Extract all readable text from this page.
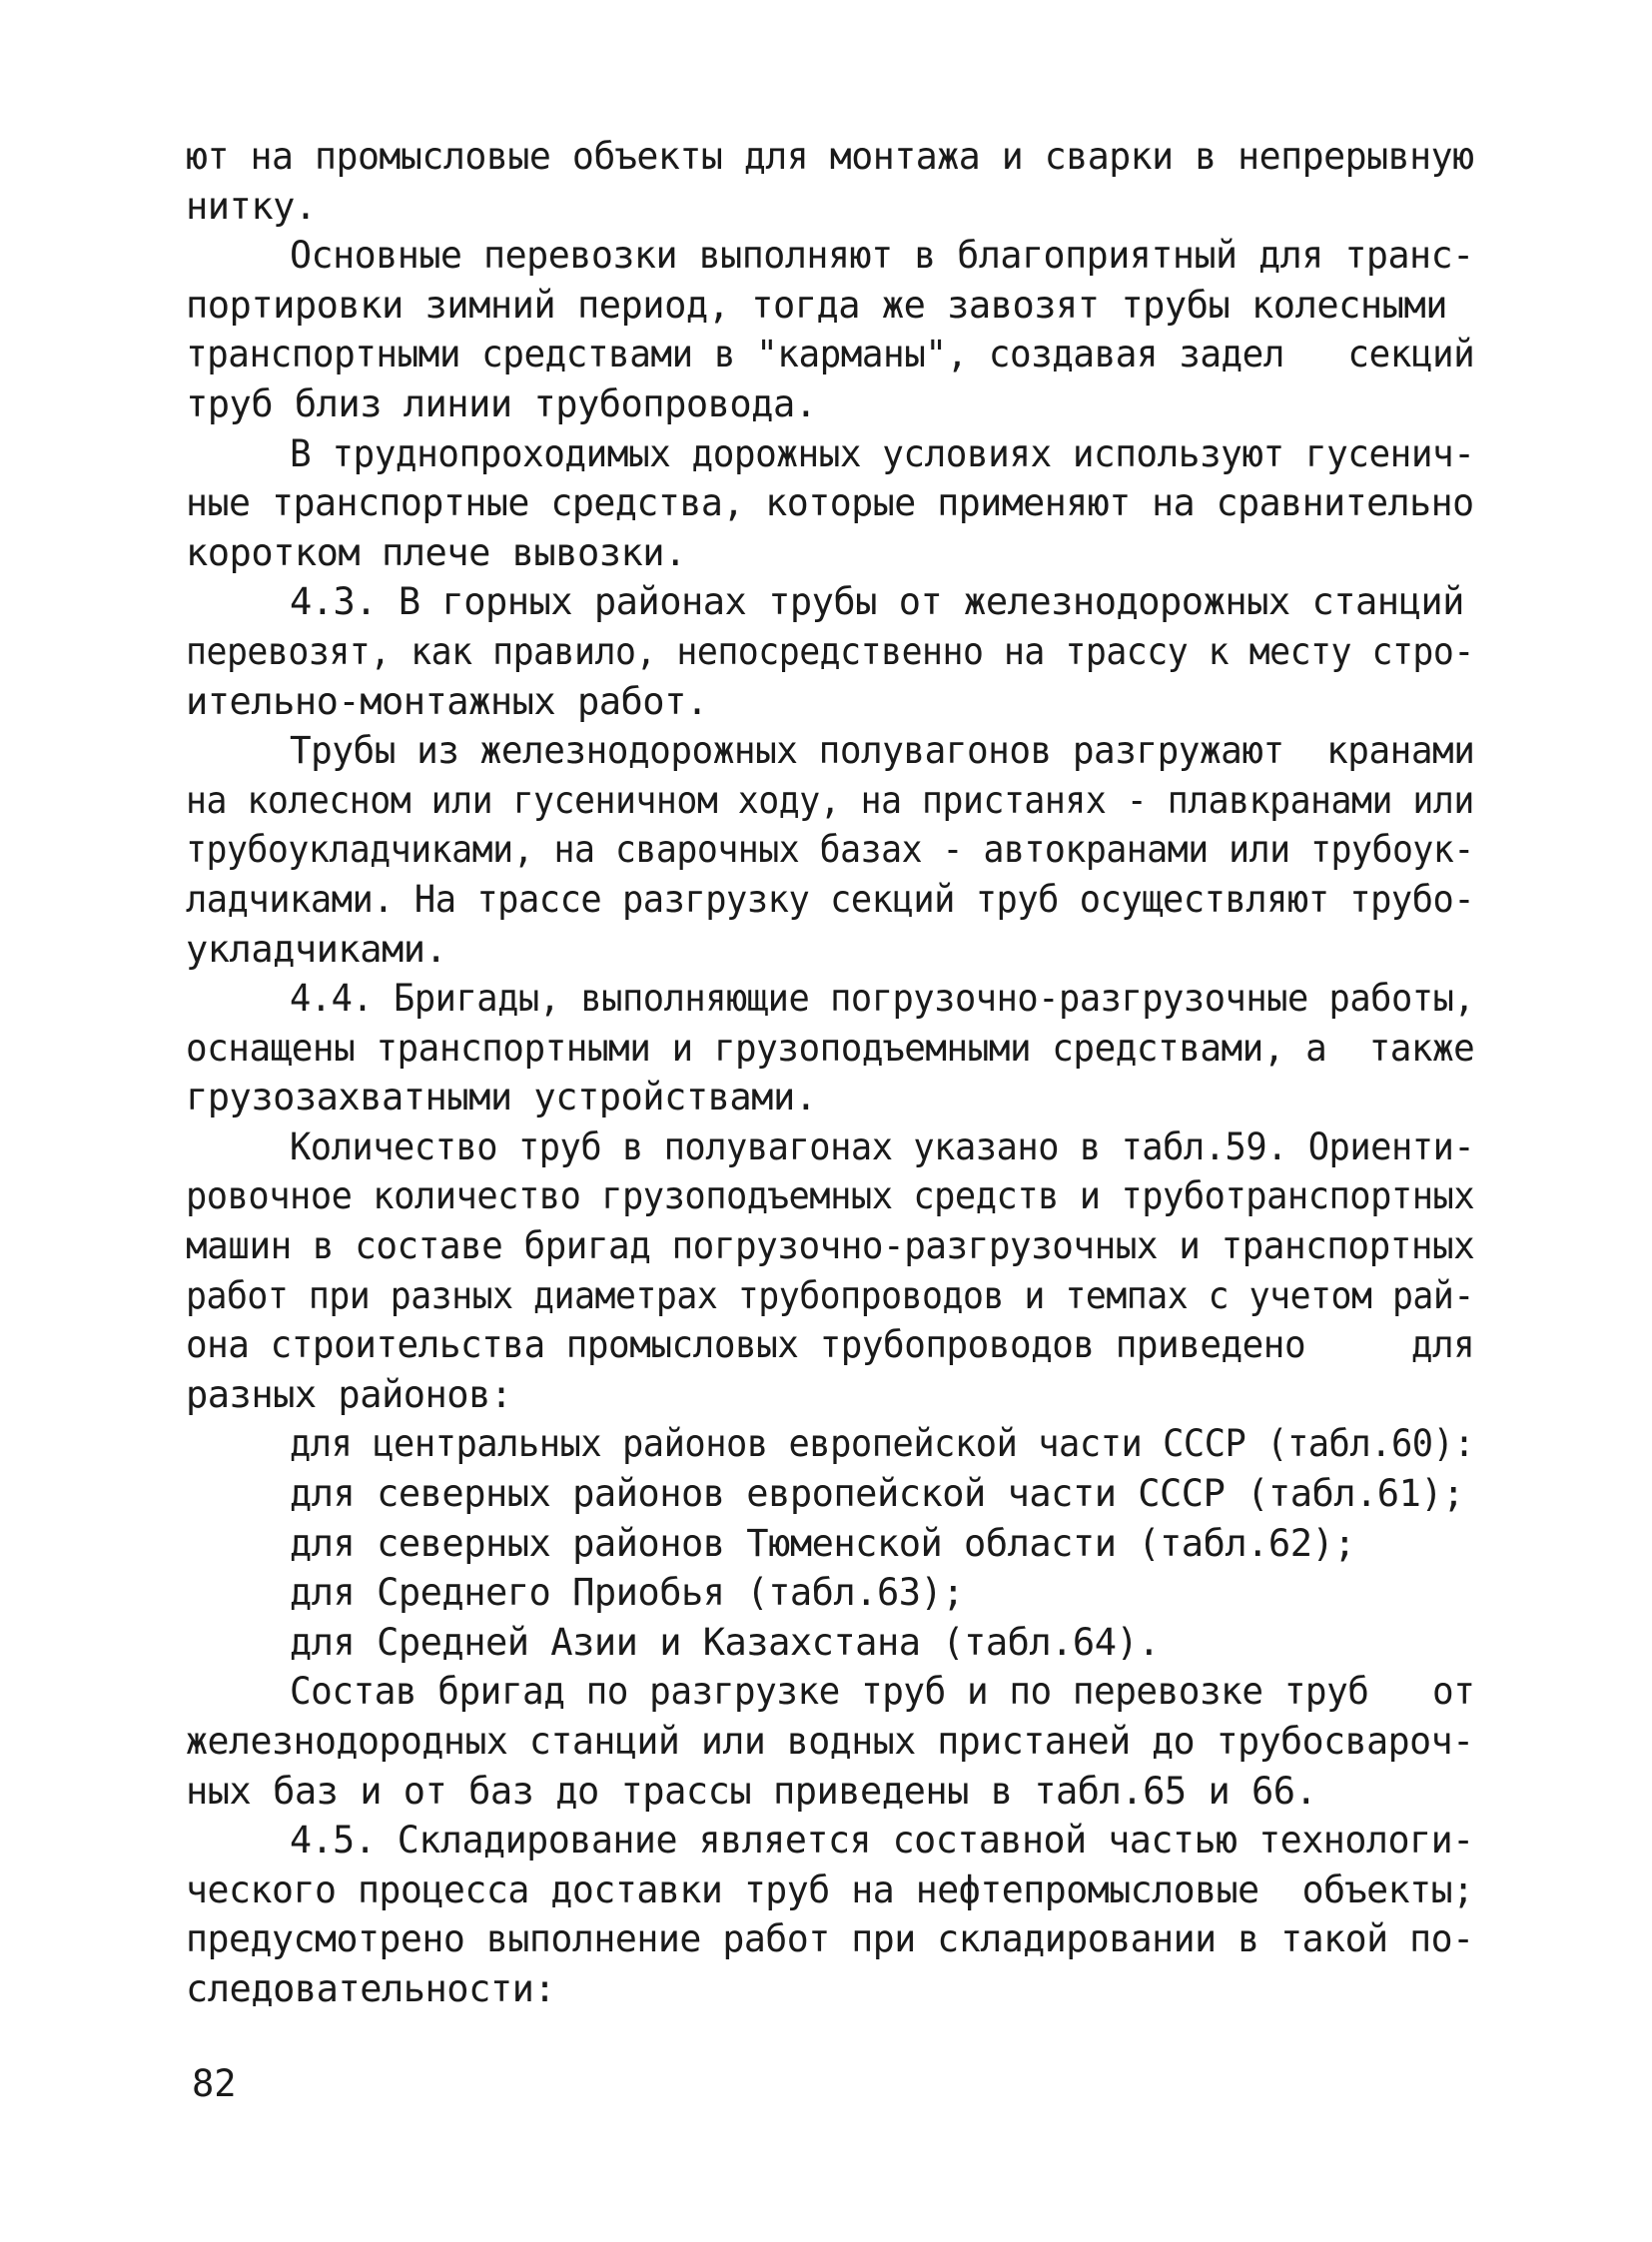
ют на промысловые объекты для монтажа и сварки в непрерывную
нитку.
Основные перевозки выполняют в благоприятный для транс-
портировки зимний период, тогда же завозят трубы колесными
транспортными средствами в "карманы", создавая задел   секций
труб близ линии трубопровода.
В труднопроходимых дорожных условиях используют гусенич-
ные транспортные средства, которые применяют на сравнительно
коротком плече вывозки.
4.3. В горных районах трубы от железнодорожных станций
перевозят, как правило, непосредственно на трассу к месту стро-
ительно-монтажных работ.
Трубы из железнодорожных полувагонов разгружают  кранами
на колесном или гусеничном ходу, на пристанях - плавкранами или
трубоукладчиками, на сварочных базах - автокранами или трубоук-
ладчиками. На трассе разгрузку секций труб осуществляют трубо-
укладчиками.
4.4. Бригады, выполняющие погрузочно-разгрузочные работы,
оснащены транспортными и грузоподъемными средствами, а  также
грузозахватными устройствами.
Количество труб в полувагонах указано в табл.59. Ориенти-
ровочное количество грузоподъемных средств и труботранспортных
машин в составе бригад погрузочно-разгрузочных и транспортных
работ при разных диаметрах трубопроводов и темпах с учетом рай-
она строительства промысловых трубопроводов приведено     для
разных районов:
для центральных районов европейской части СССР (табл.60):
для северных районов европейской части СССР (табл.61);
для северных районов Тюменской области (табл.62);
для Среднего Приобья (табл.63);
для Средней Азии и Казахстана (табл.64).
Состав бригад по разгрузке труб и по перевозке труб   от
железнодородных станций или водных пристаней до трубосвароч-
ных баз и от баз до трассы приведены в табл.65 и 66.
4.5. Складирование является составной частью технологи-
ческого процесса доставки труб на нефтепромысловые  объекты;
предусмотрено выполнение работ при складировании в такой по-
следовательности:
82
